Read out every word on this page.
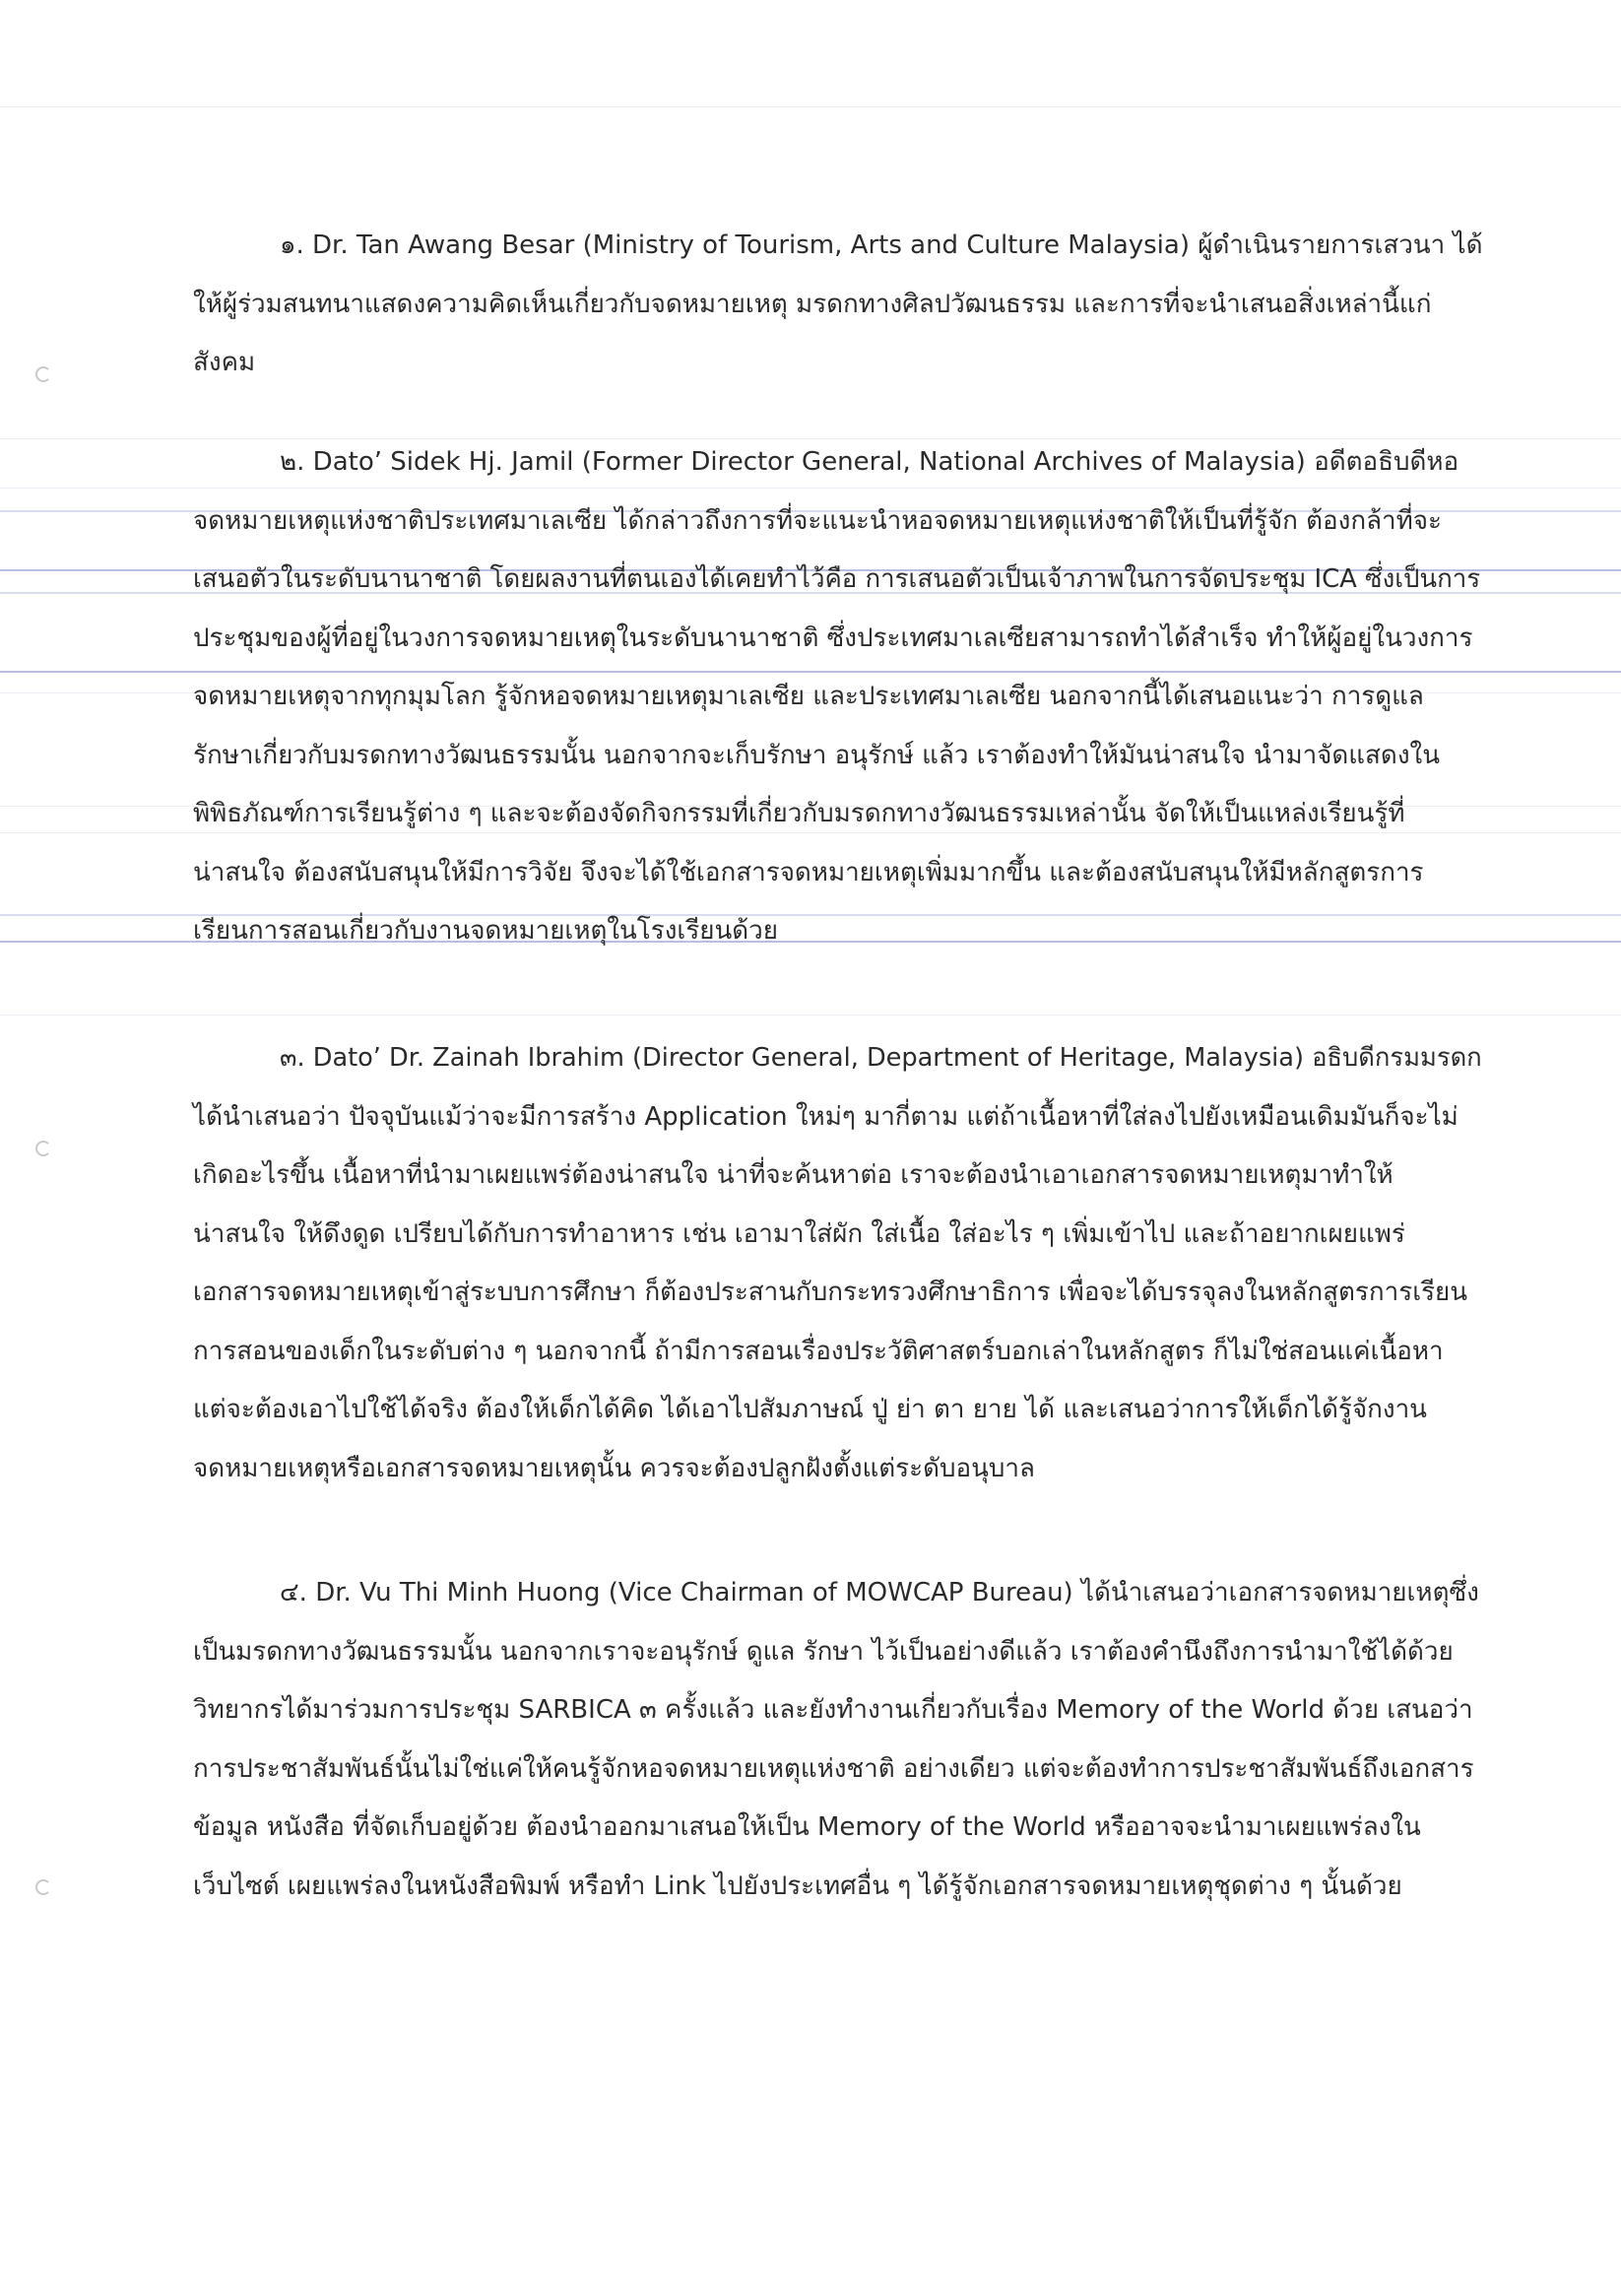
๑. Dr. Tan Awang Besar (Ministry of Tourism, Arts and Culture Malaysia) ผู้ดำเนินรายการเสวนา ได้
ให้ผู้ร่วมสนทนาแสดงความคิดเห็นเกี่ยวกับจดหมายเหตุ มรดกทางศิลปวัฒนธรรม และการที่จะนำเสนอสิ่งเหล่านี้แก่
สังคม
๒. Dato’ Sidek Hj. Jamil (Former Director General, National Archives of Malaysia) อดีตอธิบดีหอ
จดหมายเหตุแห่งชาติประเทศมาเลเซีย ได้กล่าวถึงการที่จะแนะนำหอจดหมายเหตุแห่งชาติให้เป็นที่รู้จัก ต้องกล้าที่จะ
เสนอตัวในระดับนานาชาติ โดยผลงานที่ตนเองได้เคยทำไว้คือ การเสนอตัวเป็นเจ้าภาพในการจัดประชุม ICA ซึ่งเป็นการ
ประชุมของผู้ที่อยู่ในวงการจดหมายเหตุในระดับนานาชาติ ซึ่งประเทศมาเลเซียสามารถทำได้สำเร็จ ทำให้ผู้อยู่ในวงการ
จดหมายเหตุจากทุกมุมโลก รู้จักหอจดหมายเหตุมาเลเซีย และประเทศมาเลเซีย นอกจากนี้ได้เสนอแนะว่า การดูแล
รักษาเกี่ยวกับมรดกทางวัฒนธรรมนั้น นอกจากจะเก็บรักษา อนุรักษ์ แล้ว เราต้องทำให้มันน่าสนใจ นำมาจัดแสดงใน
พิพิธภัณฑ์การเรียนรู้ต่าง ๆ และจะต้องจัดกิจกรรมที่เกี่ยวกับมรดกทางวัฒนธรรมเหล่านั้น จัดให้เป็นแหล่งเรียนรู้ที่
น่าสนใจ ต้องสนับสนุนให้มีการวิจัย จึงจะได้ใช้เอกสารจดหมายเหตุเพิ่มมากขึ้น และต้องสนับสนุนให้มีหลักสูตรการ
เรียนการสอนเกี่ยวกับงานจดหมายเหตุในโรงเรียนด้วย
๓. Dato’ Dr. Zainah Ibrahim (Director General, Department of Heritage, Malaysia) อธิบดีกรมมรดก
ได้นำเสนอว่า ปัจจุบันแม้ว่าจะมีการสร้าง Application ใหม่ๆ มากี่ตาม แต่ถ้าเนื้อหาที่ใส่ลงไปยังเหมือนเดิมมันก็จะไม่
เกิดอะไรขึ้น เนื้อหาที่นำมาเผยแพร่ต้องน่าสนใจ น่าที่จะค้นหาต่อ เราจะต้องนำเอาเอกสารจดหมายเหตุมาทำให้
น่าสนใจ ให้ดึงดูด เปรียบได้กับการทำอาหาร เช่น เอามาใส่ผัก ใส่เนื้อ ใส่อะไร ๆ เพิ่มเข้าไป และถ้าอยากเผยแพร่
เอกสารจดหมายเหตุเข้าสู่ระบบการศึกษา ก็ต้องประสานกับกระทรวงศึกษาธิการ เพื่อจะได้บรรจุลงในหลักสูตรการเรียน
การสอนของเด็กในระดับต่าง ๆ นอกจากนี้ ถ้ามีการสอนเรื่องประวัติศาสตร์บอกเล่าในหลักสูตร ก็ไม่ใช่สอนแค่เนื้อหา
แต่จะต้องเอาไปใช้ได้จริง ต้องให้เด็กได้คิด ได้เอาไปสัมภาษณ์ ปู่ ย่า ตา ยาย ได้ และเสนอว่าการให้เด็กได้รู้จักงาน
จดหมายเหตุหรือเอกสารจดหมายเหตุนั้น ควรจะต้องปลูกฝังตั้งแต่ระดับอนุบาล
๔. Dr. Vu Thi Minh Huong (Vice Chairman of MOWCAP Bureau) ได้นำเสนอว่าเอกสารจดหมายเหตุซึ่ง
เป็นมรดกทางวัฒนธรรมนั้น นอกจากเราจะอนุรักษ์ ดูแล รักษา ไว้เป็นอย่างดีแล้ว เราต้องคำนึงถึงการนำมาใช้ได้ด้วย
วิทยากรได้มาร่วมการประชุม SARBICA ๓ ครั้งแล้ว และยังทำงานเกี่ยวกับเรื่อง Memory of the World ด้วย เสนอว่า
การประชาสัมพันธ์นั้นไม่ใช่แค่ให้คนรู้จักหอจดหมายเหตุแห่งชาติ อย่างเดียว แต่จะต้องทำการประชาสัมพันธ์ถึงเอกสาร
ข้อมูล หนังสือ ที่จัดเก็บอยู่ด้วย ต้องนำออกมาเสนอให้เป็น Memory of the World หรืออาจจะนำมาเผยแพร่ลงใน
เว็บไซต์ เผยแพร่ลงในหนังสือพิมพ์ หรือทำ Link ไปยังประเทศอื่น ๆ ได้รู้จักเอกสารจดหมายเหตุชุดต่าง ๆ นั้นด้วย
